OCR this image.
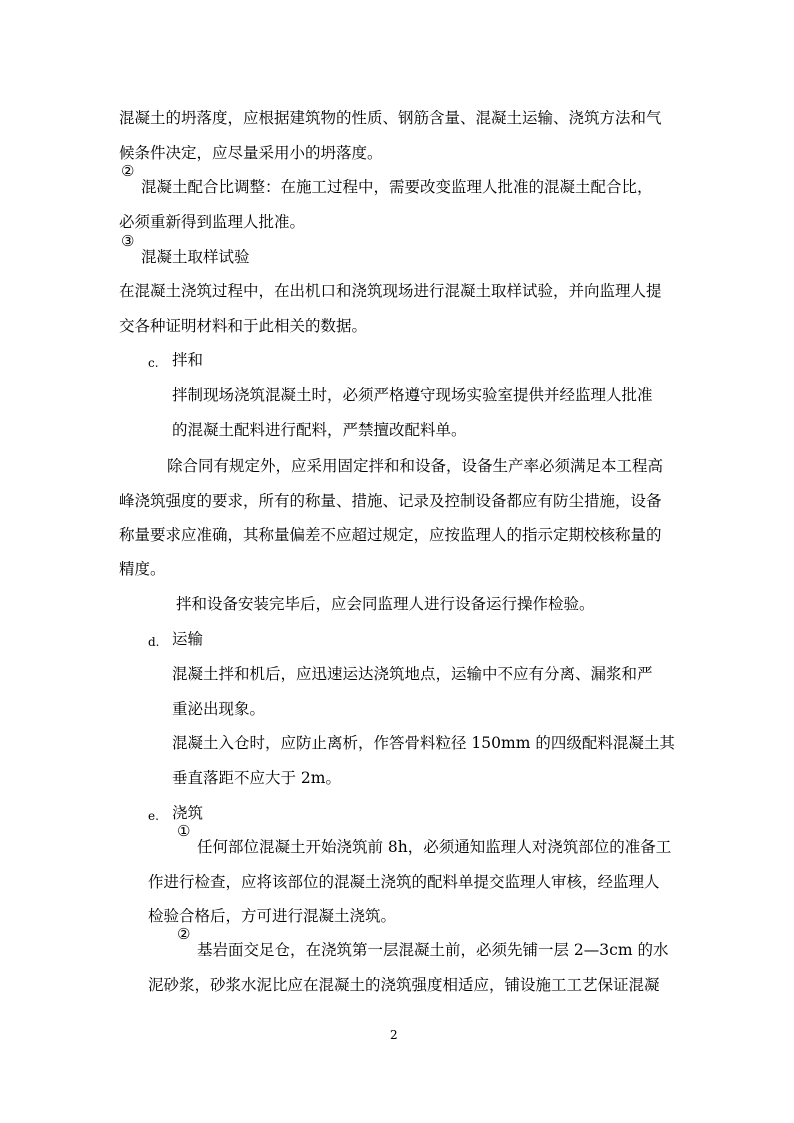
混凝土的坍落度，应根据建筑物的性质、钢筋含量、混凝土运输、浇筑方法和气
候条件决定，应尽量采用小的坍落度。
②
混凝土配合比调整：在施工过程中，需要改变监理人批准的混凝土配合比，
必须重新得到监理人批准。
③
混凝土取样试验
在混凝土浇筑过程中，在出机口和浇筑现场进行混凝土取样试验，并向监理人提
交各种证明材料和于此相关的数据。
c. 拌和
拌制现场浇筑混凝土时，必须严格遵守现场实验室提供并经监理人批准
的混凝土配料进行配料，严禁擅改配料单。
除合同有规定外，应采用固定拌和和设备，设备生产率必须满足本工程高
峰浇筑强度的要求，所有的称量、措施、记录及控制设备都应有防尘措施，设备
称量要求应准确，其称量偏差不应超过规定，应按监理人的指示定期校核称量的
精度。
拌和设备安装完毕后，应会同监理人进行设备运行操作检验。
d. 运输
混凝土拌和机后，应迅速运达浇筑地点，运输中不应有分离、漏浆和严
重泌出现象。
混凝土入仓时，应防止离析，作答骨料粒径 150mm 的四级配料混凝土其
垂直落距不应大于 2m。
e. 浇筑
①
任何部位混凝土开始浇筑前 8h，必须通知监理人对浇筑部位的准备工
作进行检查，应将该部位的混凝土浇筑的配料单提交监理人审核，经监理人
检验合格后，方可进行混凝土浇筑。
②
基岩面交足仓，在浇筑第一层混凝土前，必须先铺一层 2—3cm 的水
泥砂浆，砂浆水泥比应在混凝土的浇筑强度相适应，铺设施工工艺保证混凝
2
